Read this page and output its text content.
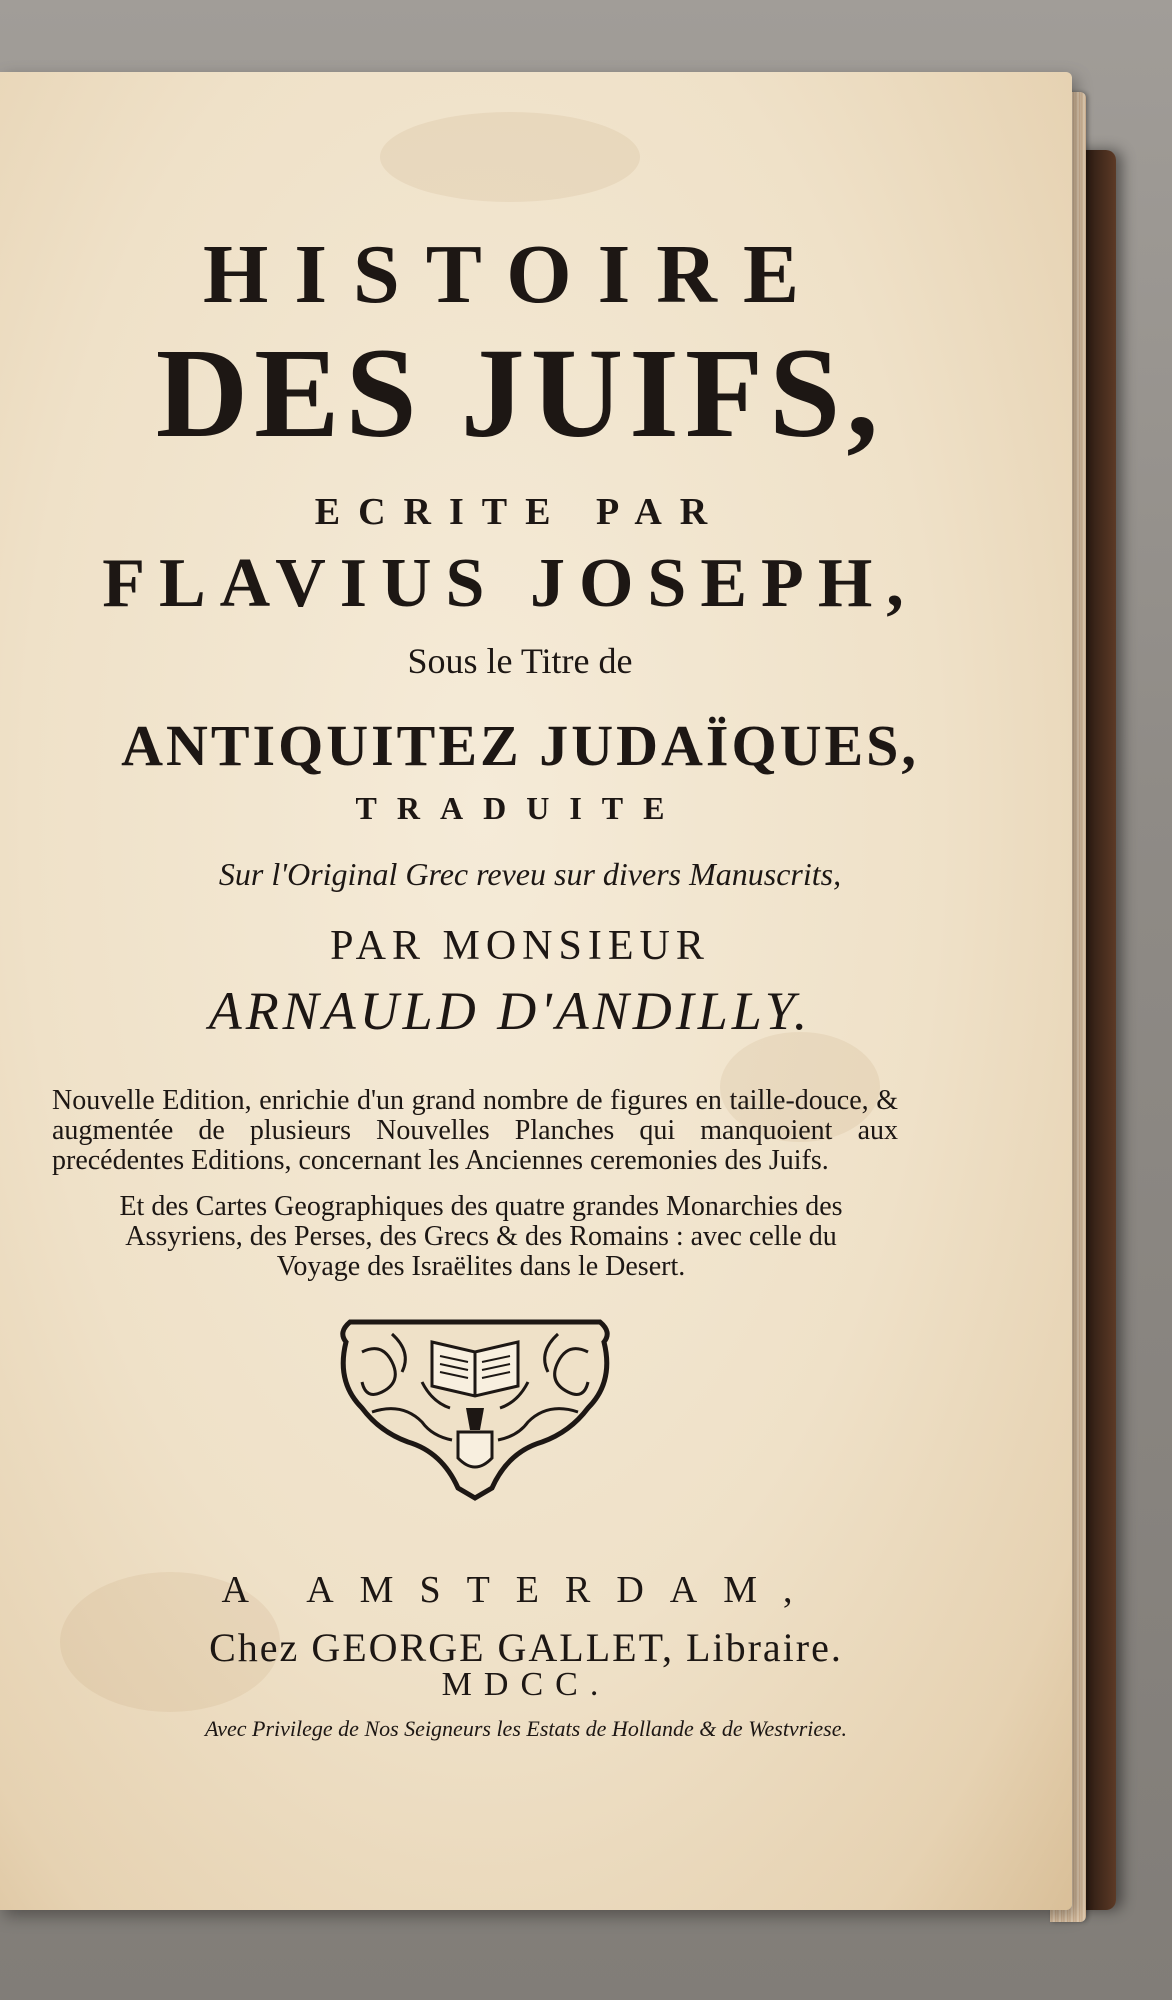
HISTOIRE
DES JUIFS,
ECRITE PAR
FLAVIUS JOSEPH,
Sous le Titre de
ANTIQUITEZ JUDAÏQUES,
TRADUITE
Sur l'Original Grec reveu sur divers Manuscrits,
PAR MONSIEUR
ARNAULD D'ANDILLY.
Nouvelle Edition, enrichie d'un grand nombre de figures en taille-douce, & augmentée de plusieurs Nouvelles Planches qui manquoient aux precédentes Editions, concernant les Anciennes ceremonies des Juifs.
Et des Cartes Geographiques des quatre grandes Monarchies des Assyriens, des Perses, des Grecs & des Romains : avec celle du Voyage des Israëlites dans le Desert.
A AMSTERDAM,
Chez GEORGE GALLET, Libraire.
MDCC.
Avec Privilege de Nos Seigneurs les Estats de Hollande & de Westvriese.
